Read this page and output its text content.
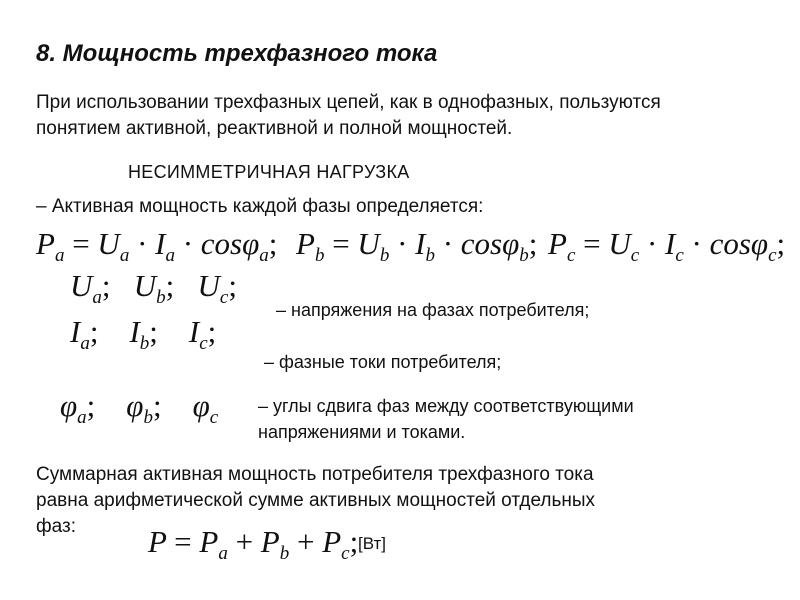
8. Мощность трехфазного тока
При использовании трехфазных цепей, как в однофазных, пользуются
понятием активной, реактивной и полной мощностей.
НЕСИММЕТРИЧНАЯ НАГРУЗКА
– Активная мощность каждой фазы определяется:
$P_a = U_a \cdot I_a \cdot \cos\varphi_a$; $P_b = U_b \cdot I_b \cdot \cos\varphi_b$; $P_c = U_c \cdot I_c \cdot \cos\varphi_c$;
$U_a$; $U_b$; $U_c$;
– напряжения на фазах потребителя;
$I_a$; $I_b$; $I_c$;
– фазные токи потребителя;
$\varphi_a$; $\varphi_b$; $\varphi_c$
– углы сдвига фаз между соответствующими
напряжениями и токами.
Суммарная активная мощность потребителя трехфазного тока
равна арифметической сумме активных мощностей отдельных
фаз: $P = P_a + P_b + P_c$; [Вт]
